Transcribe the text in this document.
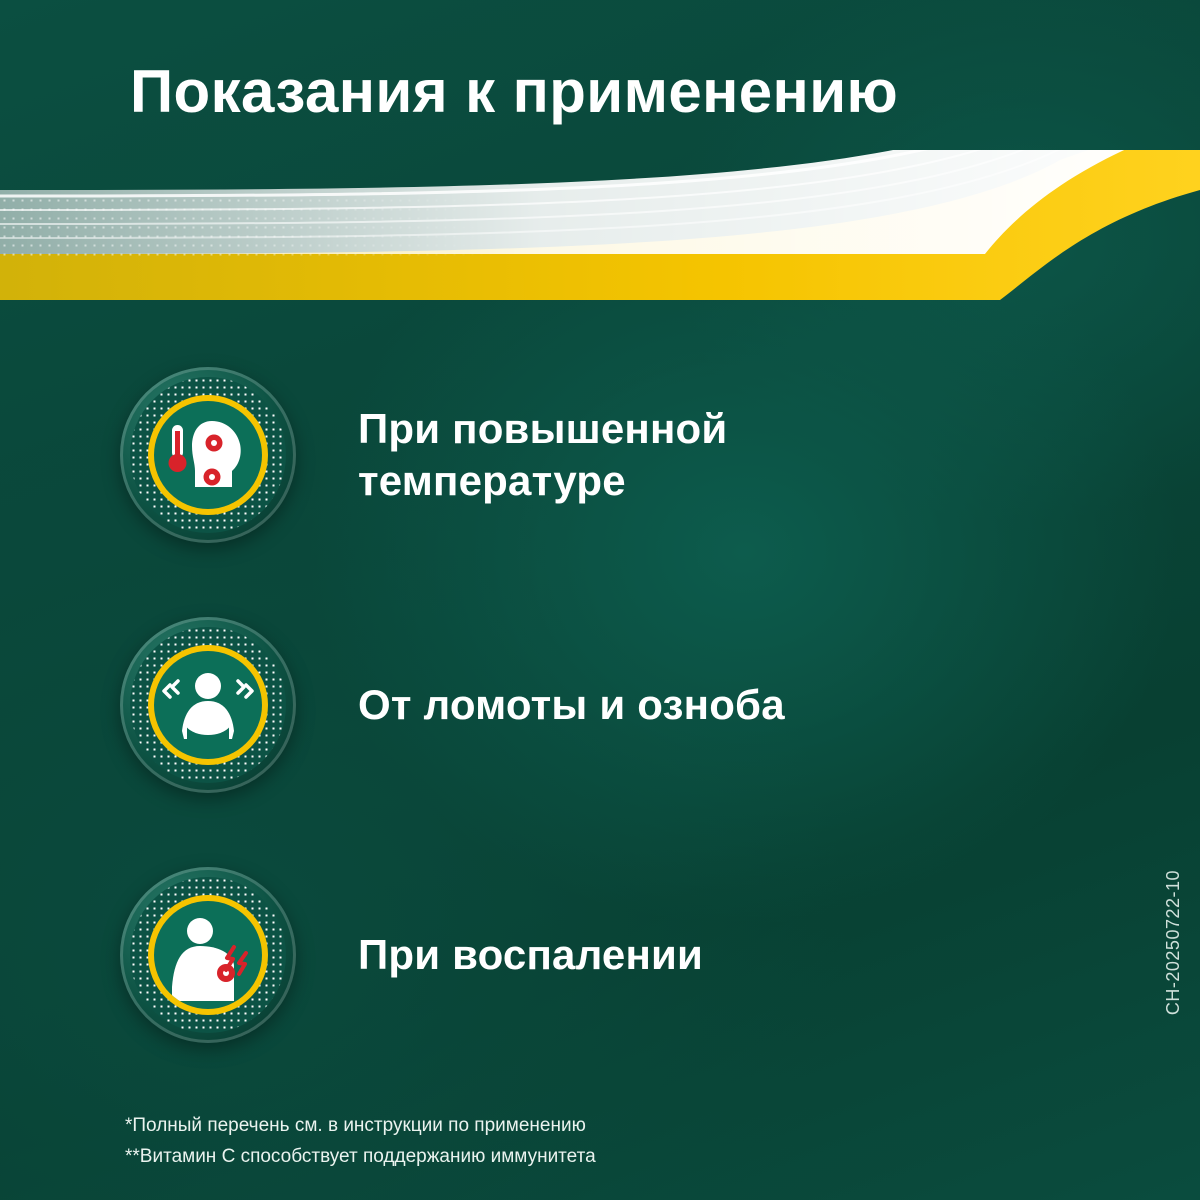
Показания к применению
При повышенной температуре
От ломоты и озноба
При воспалении
*Полный перечень см. в инструкции по применению
**Витамин С способствует поддержанию иммунитета
CH-20250722-10
